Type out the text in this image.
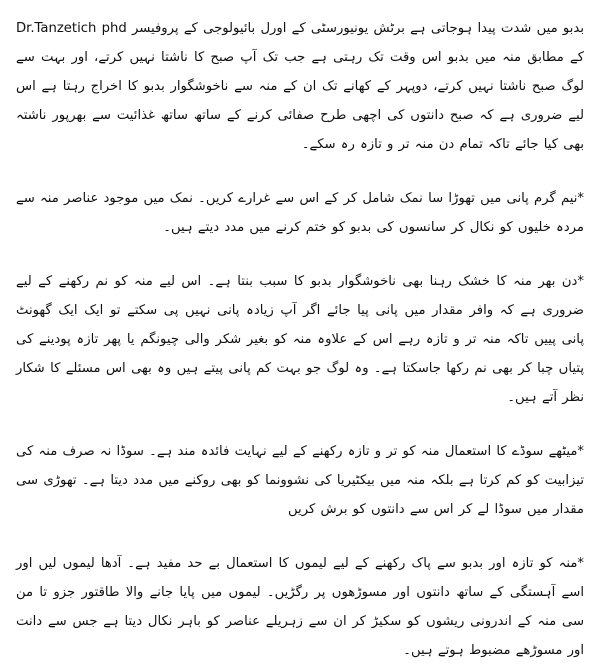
بدبو میں شدت پیدا ہوجاتی ہے برٹش یونیورسٹی کے اورل بائیولوجی کے پروفیسر Dr.Tanzetich phd کے مطابق منہ میں بدبو اس وقت تک رہتی ہے جب تک آپ صبح کا ناشتا نہیں کرتے، اور بہت سے لوگ صبح ناشتا نہیں کرتے، دوپہر کے کھانے تک ان کے منہ سے ناخوشگوار بدبو کا اخراج رہتا ہے اس لیے ضروری ہے کہ صبح دانتوں کی اچھی طرح صفائی کرنے کے ساتھ ساتھ غذائیت سے بھرپور ناشتہ بھی کیا جائے تاکہ تمام دن منہ تر و تازہ رہ سکے۔

*نیم گرم پانی میں تھوڑا سا نمک شامل کر کے اس سے غرارے کریں۔ نمک میں موجود عناصر منہ سے مردہ خلیوں کو نکال کر سانسوں کی بدبو کو ختم کرنے میں مدد دیتے ہیں۔

*دن بھر منہ کا خشک رہنا بھی ناخوشگوار بدبو کا سبب بنتا ہے۔ اس لیے منہ کو نم رکھنے کے لیے ضروری ہے کہ وافر مقدار میں پانی پیا جائے اگر آپ زیادہ پانی نہیں پی سکتے تو ایک ایک گھونٹ پانی پییں تاکہ منہ تر و تازہ رہے اس کے علاوہ منہ کو بغیر شکر والی چیونگم یا پھر تازہ پودینے کی پتیاں چبا کر بھی نم رکھا جاسکتا ہے۔ وہ لوگ جو بہت کم پانی پیتے ہیں وہ بھی اس مسئلے کا شکار نظر آتے ہیں۔

*میٹھے سوڈے کا استعمال منہ کو تر و تازہ رکھنے کے لیے نہایت فائدہ مند ہے۔ سوڈا نہ صرف منہ کی تیزابیت کو کم کرتا ہے بلکہ منہ میں بیکٹیریا کی نشوونما کو بھی روکنے میں مدد دیتا ہے۔ تھوڑی سی مقدار میں سوڈا لے کر اس سے دانتوں کو برش کریں

*منہ کو تازہ اور بدبو سے پاک رکھنے کے لیے لیموں کا استعمال بے حد مفید ہے۔ آدھا لیموں لیں اور اسے آہستگی کے ساتھ دانتوں اور مسوڑھوں پر رگڑیں۔ لیموں میں پایا جانے والا طاقتور جزو تا من سی منہ کے اندرونی ریشوں کو سکیڑ کر ان سے زہریلے عناصر کو باہر نکال دیتا ہے جس سے دانت اور مسوڑھے مضبوط ہوتے ہیں۔
